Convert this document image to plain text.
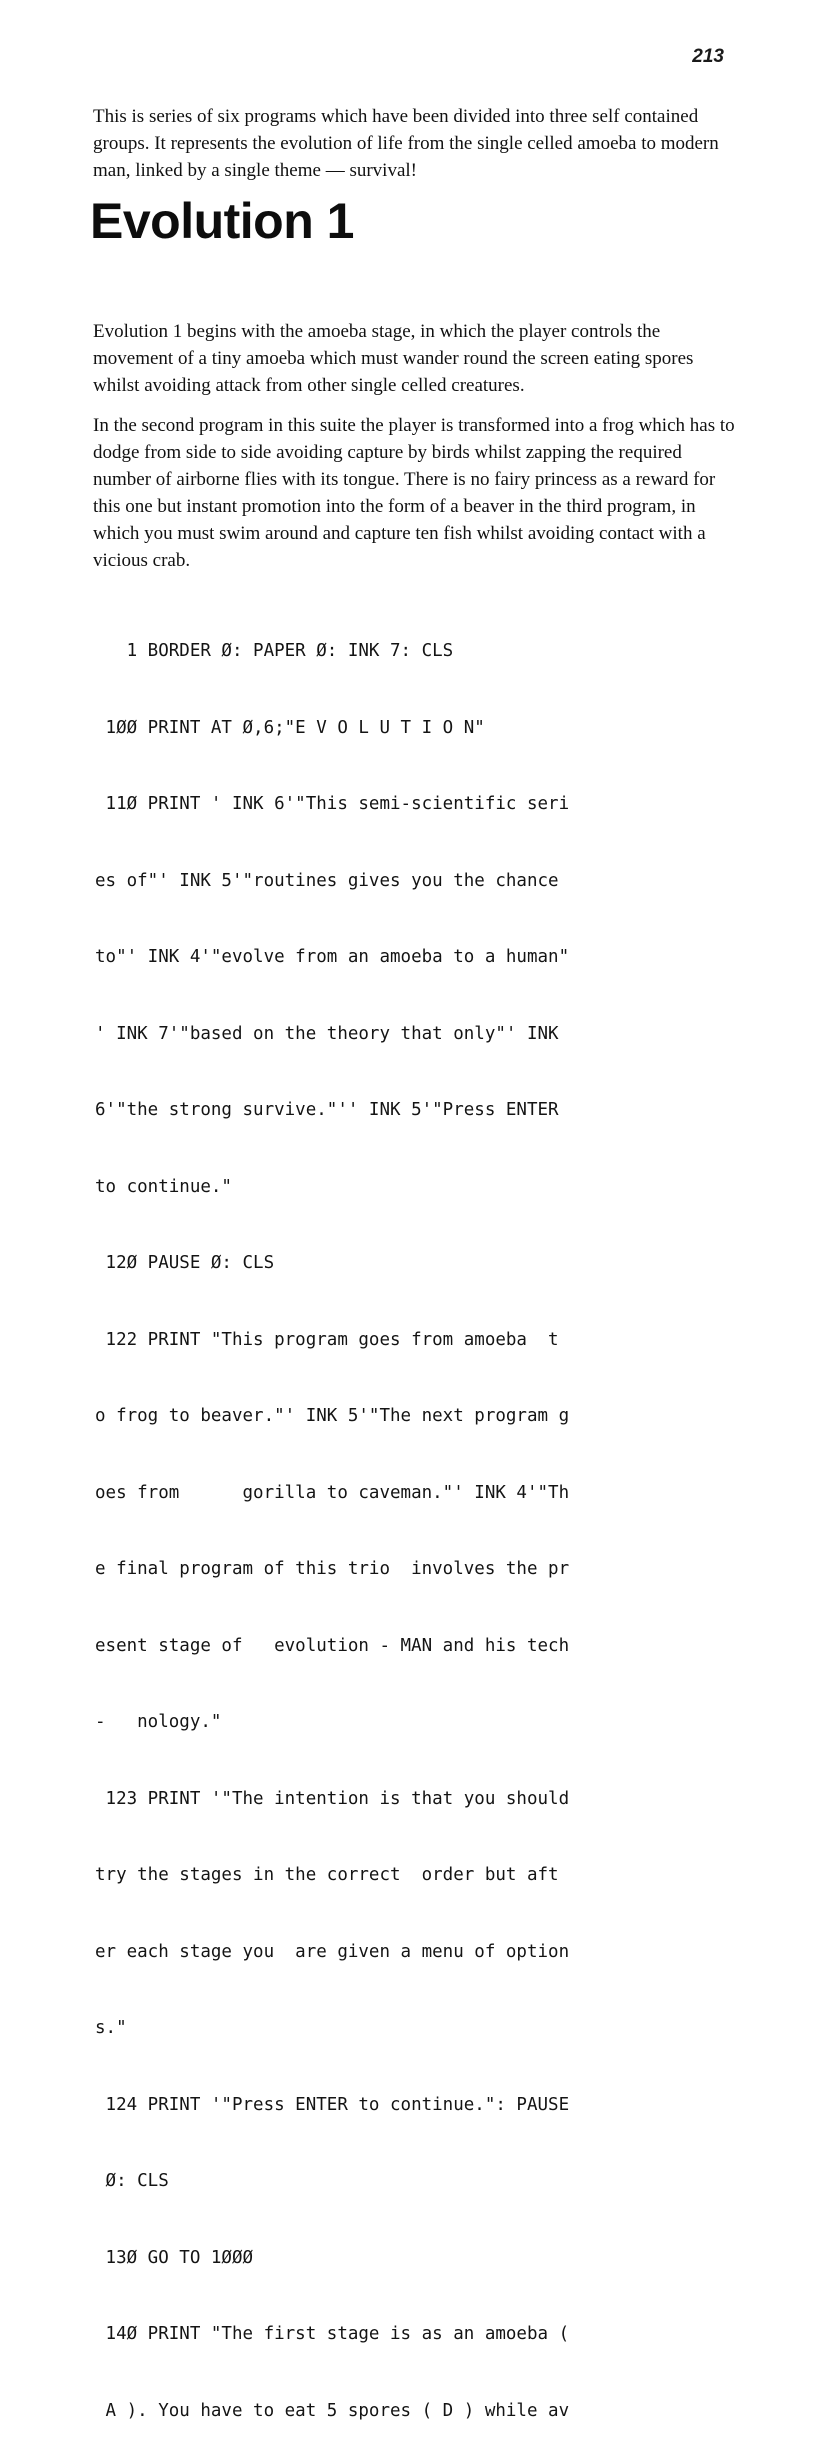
213

This is series of six programs which have been divided into three self contained groups. It represents the evolution of life from the single celled amoeba to modern man, linked by a single theme — survival!

Evolution 1

Evolution 1 begins with the amoeba stage, in which the player controls the movement of a tiny amoeba which must wander round the screen eating spores whilst avoiding attack from other single celled creatures.

In the second program in this suite the player is transformed into a frog which has to dodge from side to side avoiding capture by birds whilst zapping the required number of airborne flies with its tongue. There is no fairy princess as a reward for this one but instant promotion into the form of a beaver in the third program, in which you must swim around and capture ten fish whilst avoiding contact with a vicious crab.

1 BORDER Ø: PAPER Ø: INK 7: CLS

1ØØ PRINT AT Ø,6;"E V O L U T I O N"

11Ø PRINT ' INK 6'"This semi-scientific seri

es of"' INK 5'"routines gives you the chance

to"' INK 4'"evolve from an amoeba to a human"

' INK 7'"based on the theory that only"' INK

6'"the strong survive."'' INK 5'"Press ENTER

to continue."

12Ø PAUSE Ø: CLS

122 PRINT "This program goes from amoeba  t

o frog to beaver."' INK 5'"The next program g

oes from      gorilla to caveman."' INK 4'"Th

e final program of this trio  involves the pr

esent stage of   evolution - MAN and his tech

-   nology."

123 PRINT '"The intention is that you should

try the stages in the correct  order but aft

er each stage you  are given a menu of option

s."

124 PRINT '"Press ENTER to continue.": PAUSE

Ø: CLS

13Ø GO TO 1ØØØ

14Ø PRINT "The first stage is as an amoeba (

A ). You have to eat 5 spores ( D ) while av
